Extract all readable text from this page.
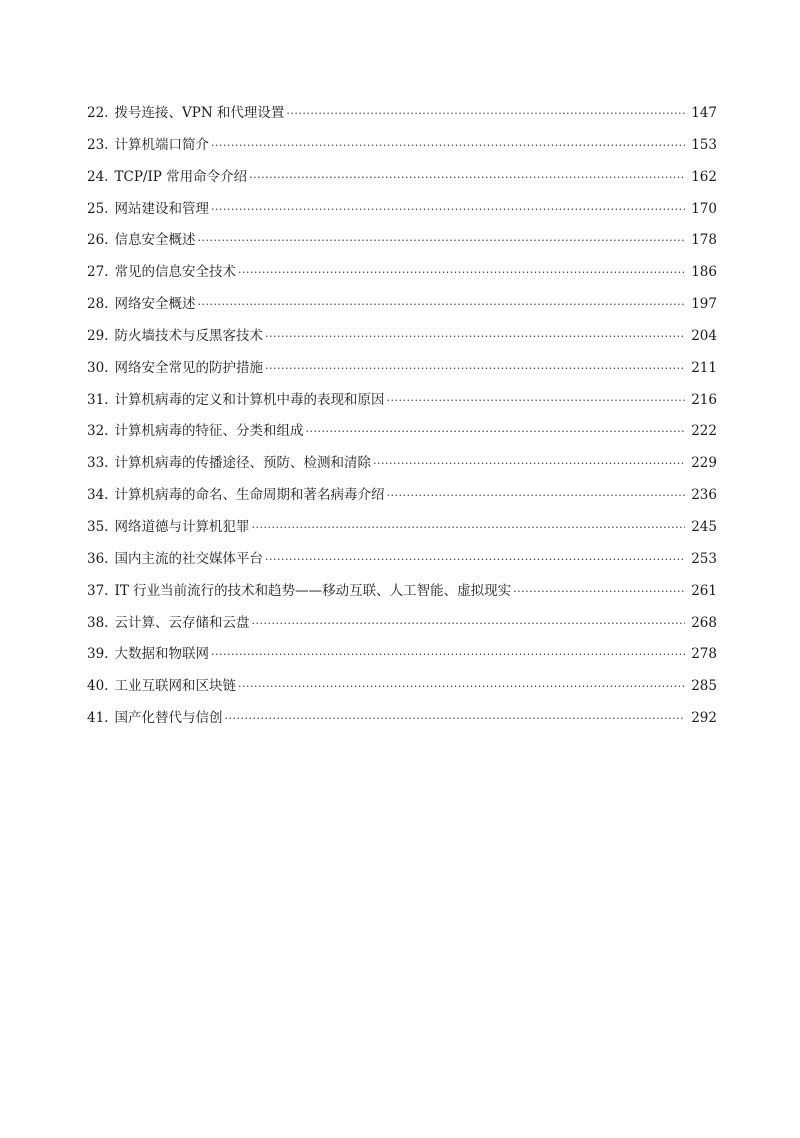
22. 拨号连接、VPN 和代理设置 ·····	147
23. 计算机端口简介 ·····	153
24. TCP/IP 常用命令介绍 ·····	162
25. 网站建设和管理 ·····	170
26. 信息安全概述 ·····	178
27. 常见的信息安全技术 ·····	186
28. 网络安全概述 ·····	197
29. 防火墙技术与反黑客技术 ·····	204
30. 网络安全常见的防护措施 ·····	211
31. 计算机病毒的定义和计算机中毒的表现和原因 ·····	216
32. 计算机病毒的特征、分类和组成 ·····	222
33. 计算机病毒的传播途径、预防、检测和清除 ·····	229
34. 计算机病毒的命名、生命周期和著名病毒介绍 ·····	236
35. 网络道德与计算机犯罪 ·····	245
36. 国内主流的社交媒体平台 ·····	253
37. IT 行业当前流行的技术和趋势——移动互联、人工智能、虚拟现实 ·····	261
38. 云计算、云存储和云盘 ·····	268
39. 大数据和物联网 ·····	278
40. 工业互联网和区块链 ·····	285
41. 国产化替代与信创 ·····	292
